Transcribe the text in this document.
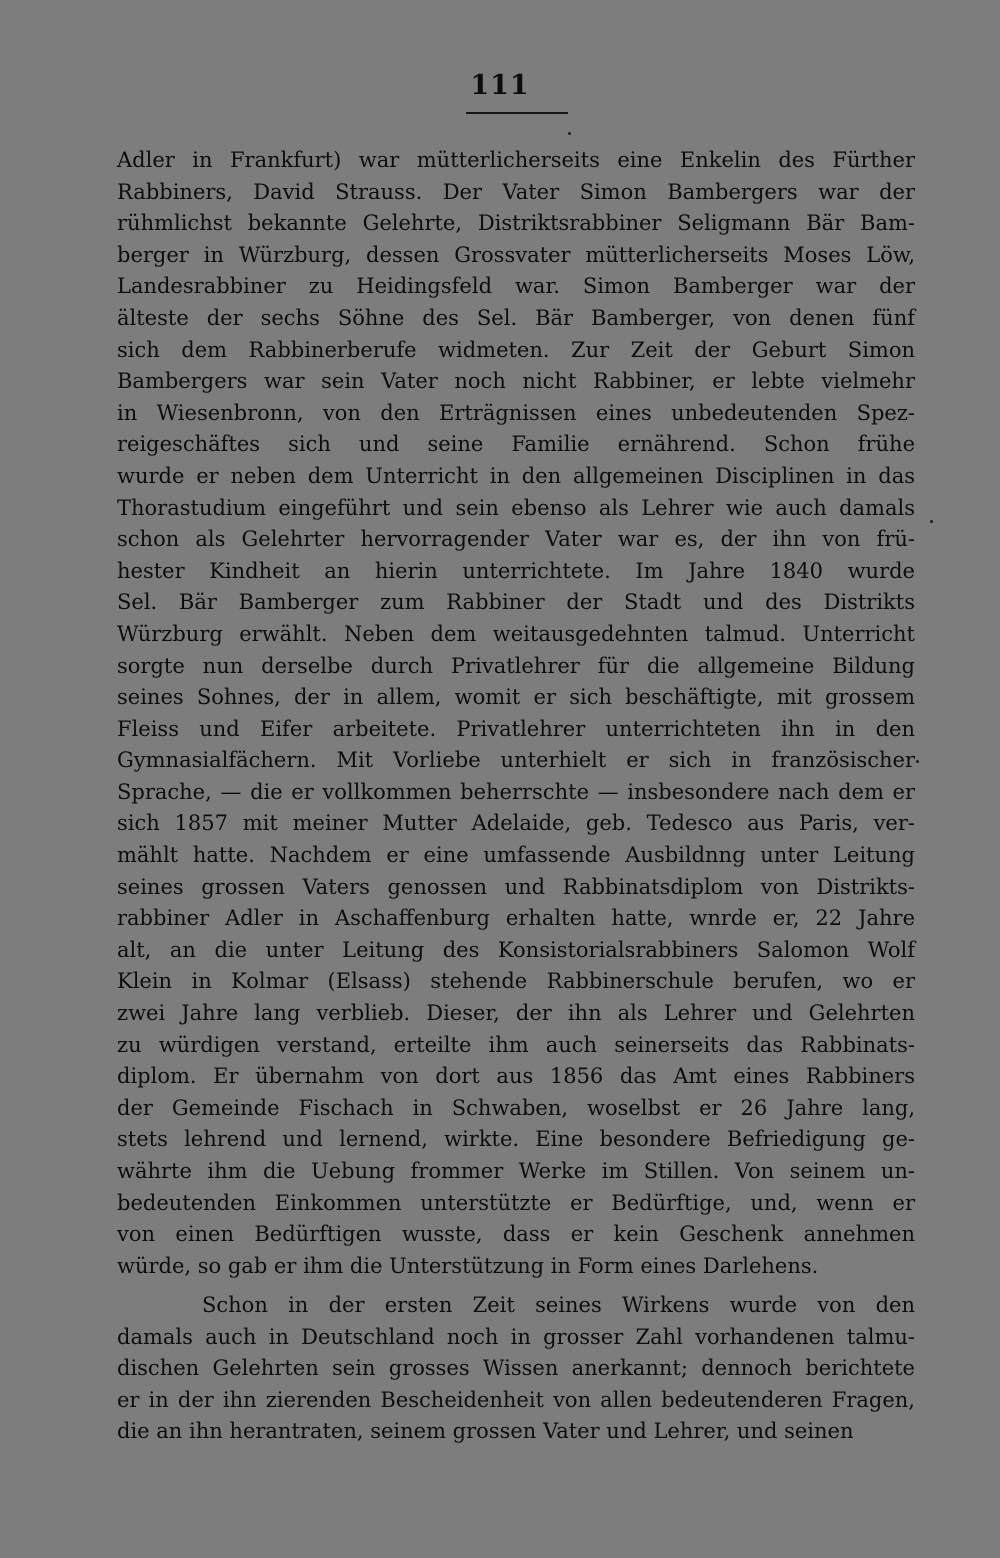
111
Adler in Frankfurt) war mütterlicherseits eine Enkelin des Fürther
Rabbiners, David Strauss. Der Vater Simon Bambergers war der
rühmlichst bekannte Gelehrte, Distriktsrabbiner Seligmann Bär Bam-
berger in Würzburg, dessen Grossvater mütterlicherseits Moses Löw,
Landesrabbiner zu Heidingsfeld war. Simon Bamberger war der
älteste der sechs Söhne des Sel. Bär Bamberger, von denen fünf
sich dem Rabbinerberufe widmeten. Zur Zeit der Geburt Simon
Bambergers war sein Vater noch nicht Rabbiner, er lebte vielmehr
in Wiesenbronn, von den Erträgnissen eines unbedeutenden Spez-
reigeschäftes sich und seine Familie ernährend. Schon frühe
wurde er neben dem Unterricht in den allgemeinen Disciplinen in das
Thorastudium eingeführt und sein ebenso als Lehrer wie auch damals
schon als Gelehrter hervorragender Vater war es, der ihn von frü-
hester Kindheit an hierin unterrichtete. Im Jahre 1840 wurde
Sel. Bär Bamberger zum Rabbiner der Stadt und des Distrikts
Würzburg erwählt. Neben dem weitausgedehnten talmud. Unterricht
sorgte nun derselbe durch Privatlehrer für die allgemeine Bildung
seines Sohnes, der in allem, womit er sich beschäftigte, mit grossem
Fleiss und Eifer arbeitete. Privatlehrer unterrichteten ihn in den
Gymnasialfächern. Mit Vorliebe unterhielt er sich in französischer
Sprache, — die er vollkommen beherrschte — insbesondere nach dem er
sich 1857 mit meiner Mutter Adelaide, geb. Tedesco aus Paris, ver-
mählt hatte. Nachdem er eine umfassende Ausbildnng unter Leitung
seines grossen Vaters genossen und Rabbinatsdiplom von Distrikts-
rabbiner Adler in Aschaffenburg erhalten hatte, wnrde er, 22 Jahre
alt, an die unter Leitung des Konsistorialsrabbiners Salomon Wolf
Klein in Kolmar (Elsass) stehende Rabbinerschule berufen, wo er
zwei Jahre lang verblieb. Dieser, der ihn als Lehrer und Gelehrten
zu würdigen verstand, erteilte ihm auch seinerseits das Rabbinats-
diplom. Er übernahm von dort aus 1856 das Amt eines Rabbiners
der Gemeinde Fischach in Schwaben, woselbst er 26 Jahre lang,
stets lehrend und lernend, wirkte. Eine besondere Befriedigung ge-
währte ihm die Uebung frommer Werke im Stillen. Von seinem un-
bedeutenden Einkommen unterstützte er Bedürftige, und, wenn er
von einen Bedürftigen wusste, dass er kein Geschenk annehmen
würde, so gab er ihm die Unterstützung in Form eines Darlehens.
Schon in der ersten Zeit seines Wirkens wurde von den
damals auch in Deutschland noch in grosser Zahl vorhandenen talmu-
dischen Gelehrten sein grosses Wissen anerkannt; dennoch berichtete
er in der ihn zierenden Bescheidenheit von allen bedeutenderen Fragen,
die an ihn herantraten, seinem grossen Vater und Lehrer, und seinen
